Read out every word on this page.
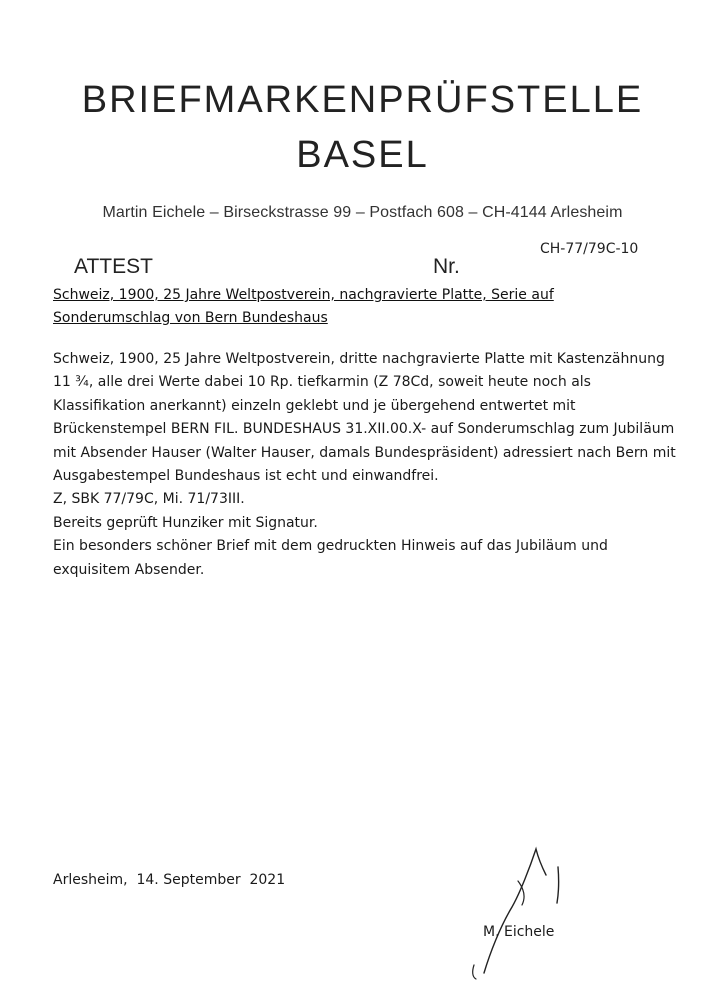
BRIEFMARKENPRÜFSTELLE
BASEL
Martin Eichele – Birseckstrasse 99 – Postfach 608 – CH-4144 Arlesheim
CH-77/79C-10
ATTEST	Nr.
Schweiz, 1900, 25 Jahre Weltpostverein, nachgravierte Platte, Serie auf Sonderumschlag von Bern Bundeshaus

Schweiz, 1900, 25 Jahre Weltpostverein, dritte nachgravierte Platte mit Kastenzähnung 11 ¾, alle drei Werte dabei 10 Rp. tiefkarmin (Z 78Cd, soweit heute noch als Klassifikation anerkannt) einzeln geklebt und je übergehend entwertet mit Brückenstempel BERN FIL. BUNDESHAUS 31.XII.00.X- auf Sonderumschlag zum Jubiläum mit Absender Hauser (Walter Hauser, damals Bundespräsident) adressiert nach Bern mit Ausgabestempel Bundeshaus ist echt und einwandfrei.

Z, SBK 77/79C, Mi. 71/73III.

Bereits geprüft Hunziker mit Signatur.

Ein besonders schöner Brief mit dem gedruckten Hinweis auf das Jubiläum und exquisitem Absender.

Arlesheim,  14. September  2021
M. Eichele
